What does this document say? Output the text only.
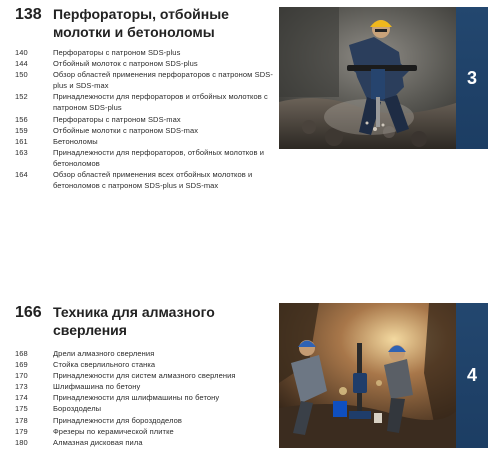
138 Перфораторы, отбойные молотки и бетоноломы
140	Перфораторы с патроном SDS-plus
144	Отбойный молоток с патроном SDS-plus
150	Обзор областей применения перфораторов с патроном SDS-plus и SDS-max
152	Принадлежности для перфораторов и отбойных молотков с патроном SDS-plus
156	Перфораторы с патроном SDS-max
159	Отбойные молотки с патроном SDS-max
161	Бетоноломы
163	Принадлежности для перфораторов, отбойных молотков и бетоноломов
164	Обзор областей применения всех отбойных молотков и бетоноломов с патроном SDS-plus и SDS-max
3
166 Техника для алмазного сверления
168	Дрели алмазного сверления
169	Стойка сверлильного станка
170	Принадлежности для систем алмазного сверления
173	Шлифмашина по бетону
174	Принадлежности для шлифмашины по бетону
175	Бороздоделы
178	Принадлежности для бороздоделов
179	Фрезеры по керамической плитке
180	Алмазная дисковая пила
4
